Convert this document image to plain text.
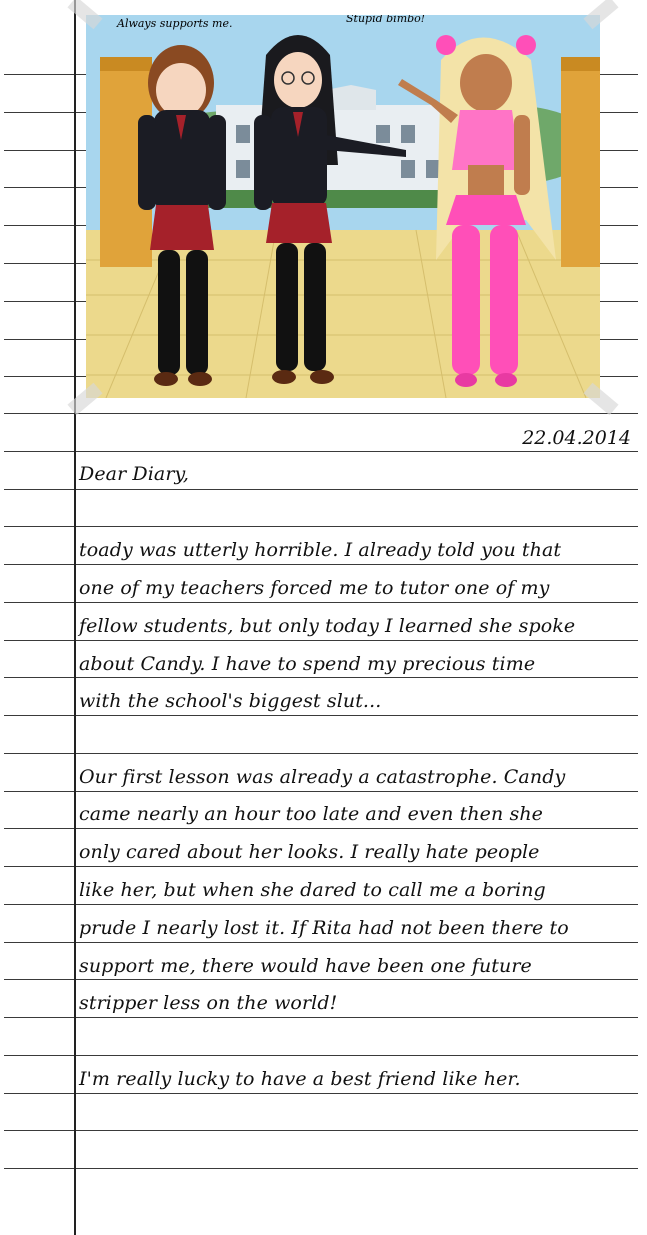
Always supports me.	Stupid bimbo!
22.04.2014
Dear Diary,
toady was utterly horrible. I already told you that
one of my teachers forced me to tutor one of my
fellow students, but only today I learned she spoke
about Candy. I have to spend my precious time
with the school's biggest slut...
Our first lesson was already a catastrophe. Candy
came nearly an hour too late and even then she
only cared about her looks. I really hate people
like her, but when she dared to call me a boring
prude I nearly lost it. If Rita had not been there to
support me, there would have been one future
stripper less on the world!
I'm really lucky to have a best friend like her.
